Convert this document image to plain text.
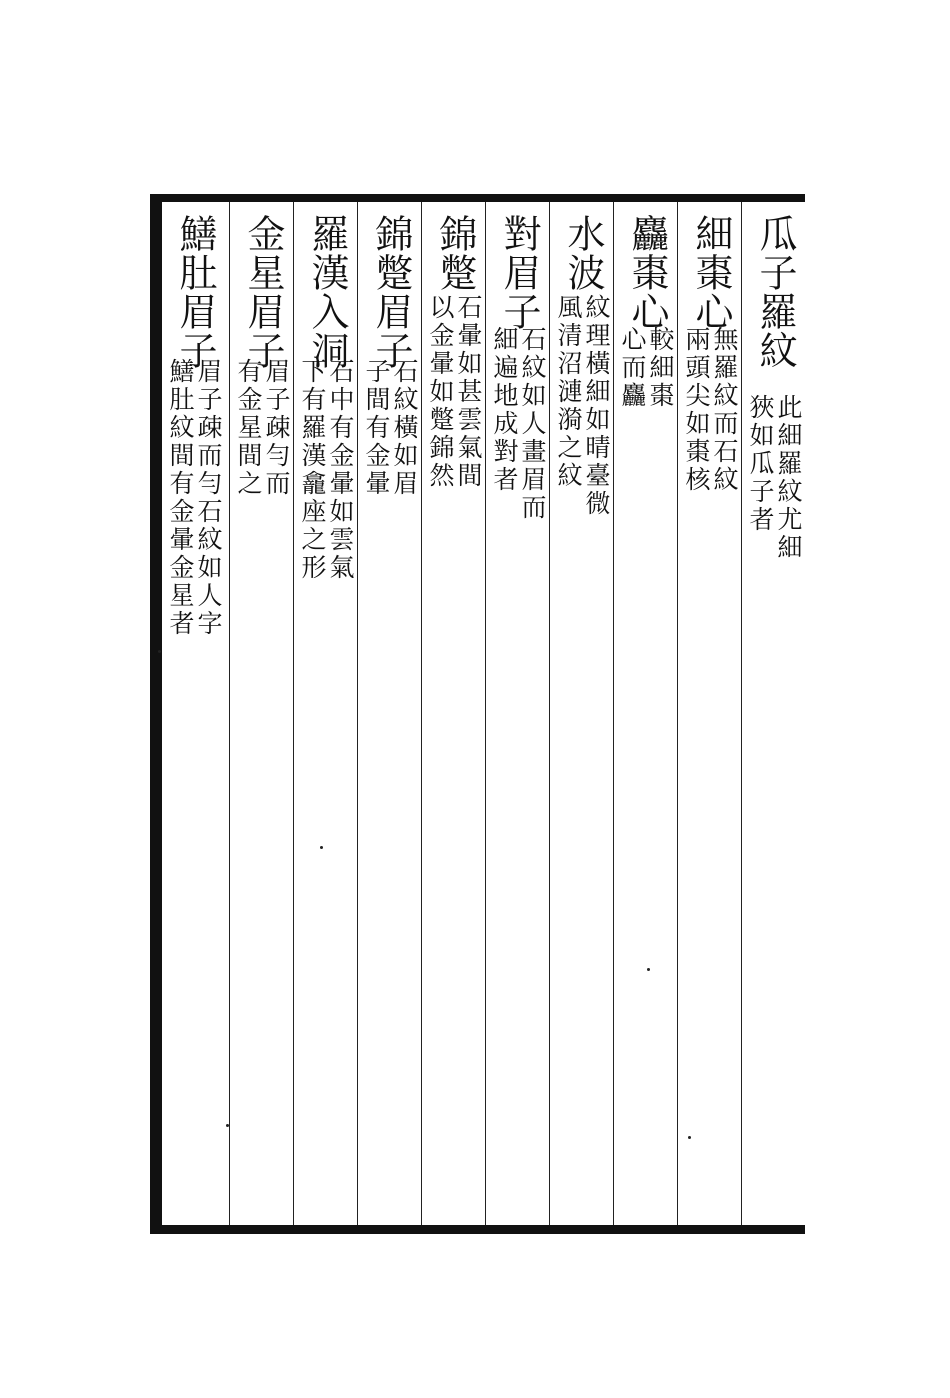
瓜子羅紋
此細羅紋尤細
狹如瓜子者
細棗心
無羅紋而石紋
兩頭尖如棗核
麤棗心
較細棗
心而麤
水波
紋理橫細如晴臺微
風清沼漣漪之紋
對眉子
石紋如人畫眉而
細遍地成對者
錦蹩
石暈如甚雲氣間
以金暈如蹩錦然
錦蹩眉子
石紋橫如眉
子間有金暈
羅漢入洞
石中有金暈如雲氣
下有羅漢龕座之形
金星眉子
眉子疎勻而
有金星間之
鱔肚眉子
眉子疎而勻石紋如人字
鱔肚紋間有金暈金星者
